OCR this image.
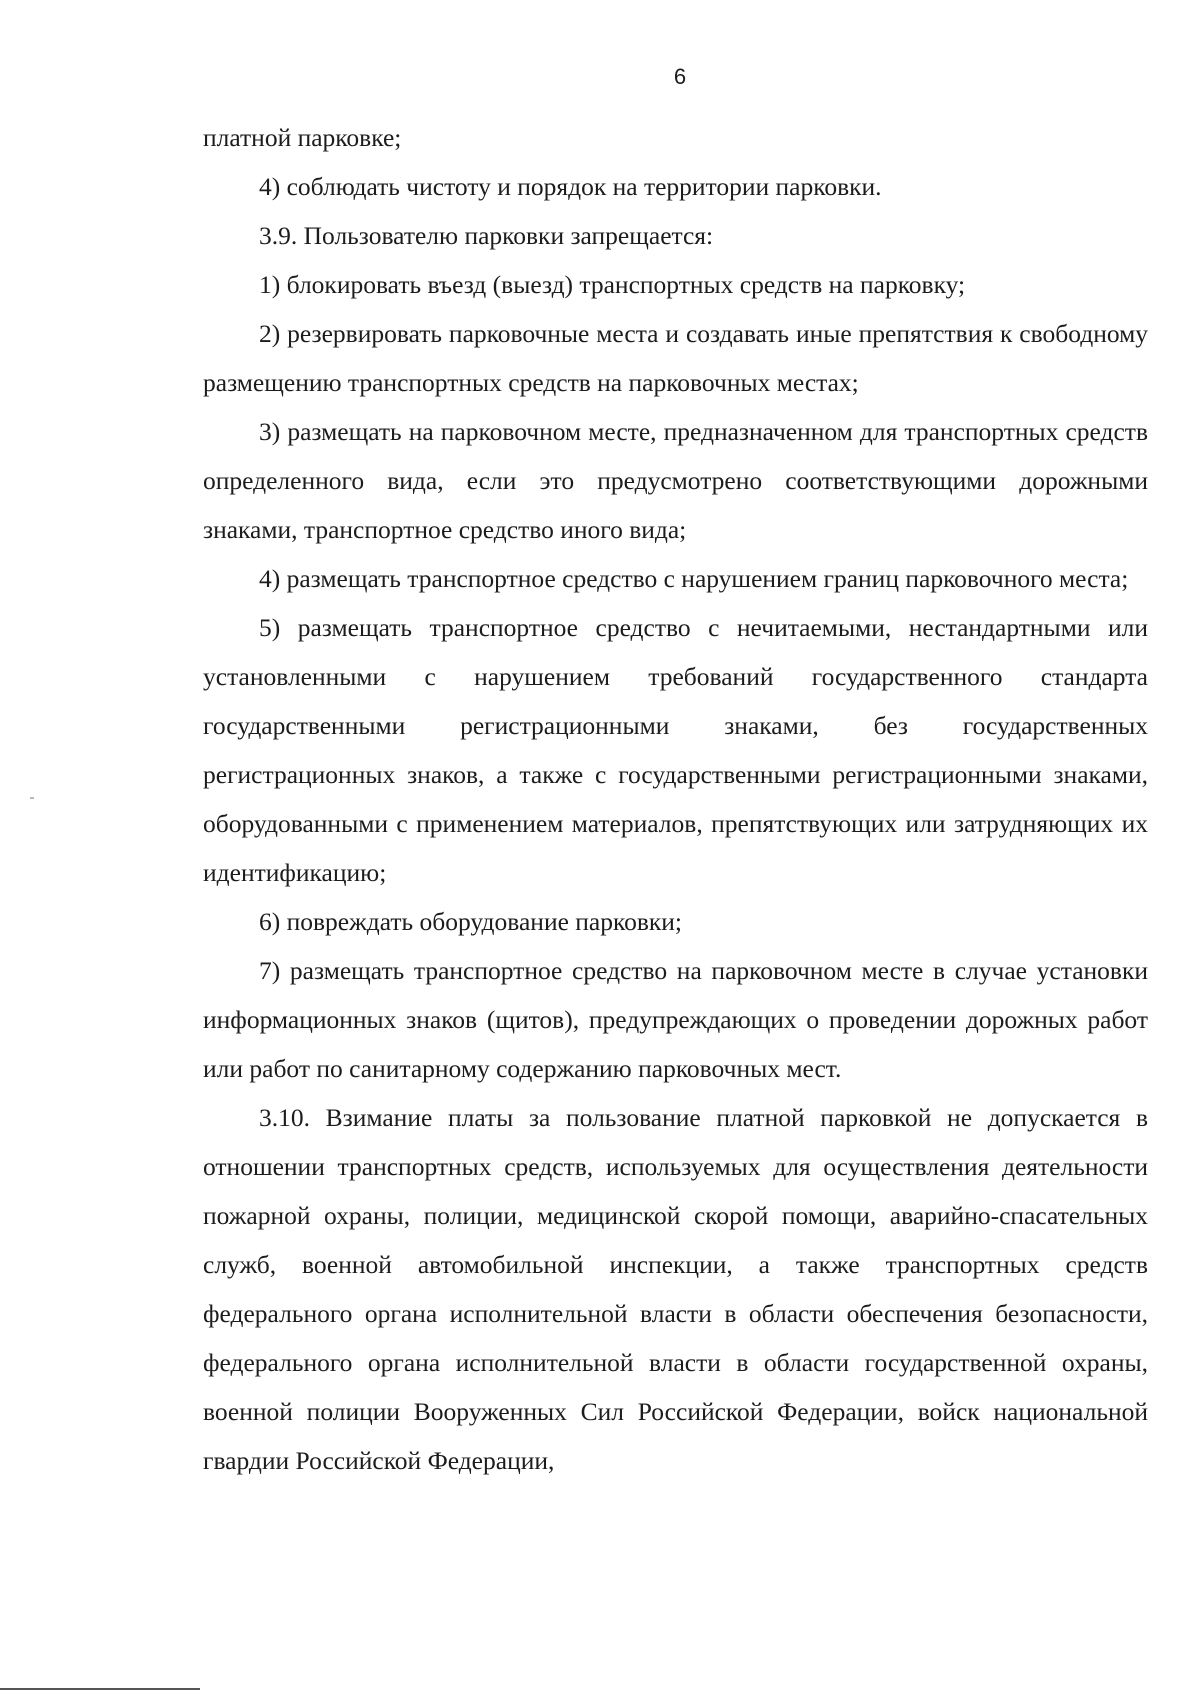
6

платной парковке;

4) соблюдать чистоту и порядок на территории парковки.

3.9. Пользователю парковки запрещается:

1) блокировать въезд (выезд) транспортных средств на парковку;

2) резервировать парковочные места и создавать иные препятствия к свободному размещению транспортных средств на парковочных местах;

3) размещать на парковочном месте, предназначенном для транспортных средств определенного вида, если это предусмотрено соответствующими дорожными знаками, транспортное средство иного вида;

4) размещать транспортное средство с нарушением границ парковочного места;

5) размещать транспортное средство с нечитаемыми, нестандартными или установленными с нарушением требований государственного стандарта государственными регистрационными знаками, без государственных регистрационных знаков, а также с государственными регистрационными знаками, оборудованными с применением материалов, препятствующих или затрудняющих их идентификацию;

6) повреждать оборудование парковки;

7) размещать транспортное средство на парковочном месте в случае установки информационных знаков (щитов), предупреждающих о проведении дорожных работ или работ по санитарному содержанию парковочных мест.

3.10. Взимание платы за пользование платной парковкой не допускается в отношении транспортных средств, используемых для осуществления деятельности пожарной охраны, полиции, медицинской скорой помощи, аварийно-спасательных служб, военной автомобильной инспекции, а также транспортных средств федерального органа исполнительной власти в области обеспечения безопасности, федерального органа исполнительной власти в области государственной охраны, военной полиции Вооруженных Сил Российской Федерации, войск национальной гвардии Российской Федерации,
